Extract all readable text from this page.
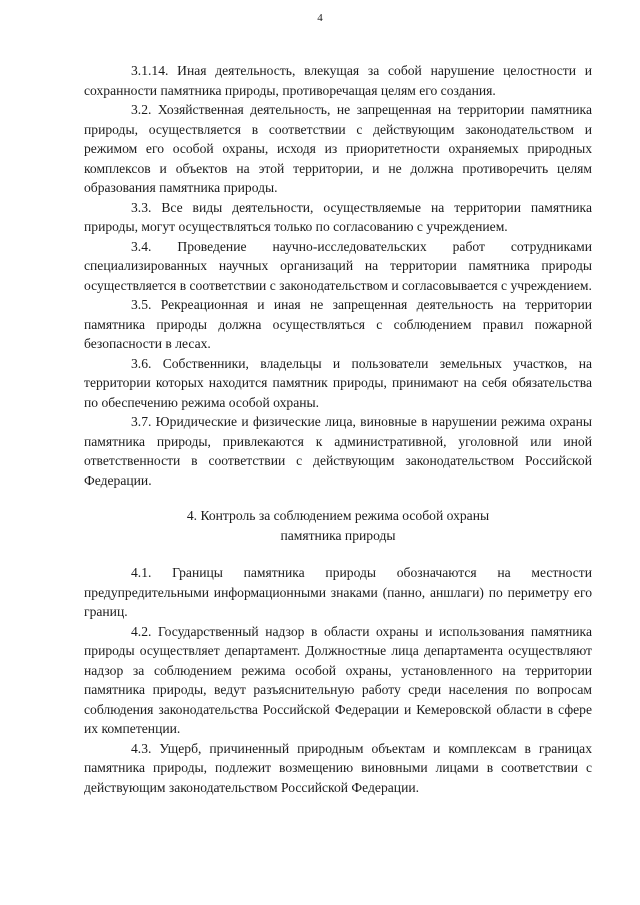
4

3.1.14. Иная деятельность, влекущая за собой нарушение целостности и сохранности памятника природы, противоречащая целям его создания.

3.2. Хозяйственная деятельность, не запрещенная на территории памятника природы, осуществляется в соответствии с действующим законодательством и режимом его особой охраны, исходя из приоритетности охраняемых природных комплексов и объектов на этой территории, и не должна противоречить целям образования памятника природы.

3.3. Все виды деятельности, осуществляемые на территории памятника природы, могут осуществляться только по согласованию с учреждением.

3.4. Проведение научно-исследовательских работ сотрудниками специализированных научных организаций на территории памятника природы осуществляется в соответствии с законодательством и согласовывается с учреждением.

3.5. Рекреационная и иная не запрещенная деятельность на территории памятника природы должна осуществляться с соблюдением правил пожарной безопасности в лесах.

3.6. Собственники, владельцы и пользователи земельных участков, на территории которых находится памятник природы, принимают на себя обязательства по обеспечению режима особой охраны.

3.7. Юридические и физические лица, виновные в нарушении режима охраны памятника природы, привлекаются к административной, уголовной или иной ответственности в соответствии с действующим законодательством Российской Федерации.

4. Контроль за соблюдением режима особой охраны

памятника природы

4.1. Границы памятника природы обозначаются на местности предупредительными информационными знаками (панно, аншлаги) по периметру его границ.

4.2. Государственный надзор в области охраны и использования памятника природы осуществляет департамент. Должностные лица департамента осуществляют надзор за соблюдением режима особой охраны, установленного на территории памятника природы, ведут разъяснительную работу среди населения по вопросам соблюдения законодательства Российской Федерации и Кемеровской области в сфере их компетенции.

4.3. Ущерб, причиненный природным объектам и комплексам в границах памятника природы, подлежит возмещению виновными лицами в соответствии с действующим законодательством Российской Федерации.
